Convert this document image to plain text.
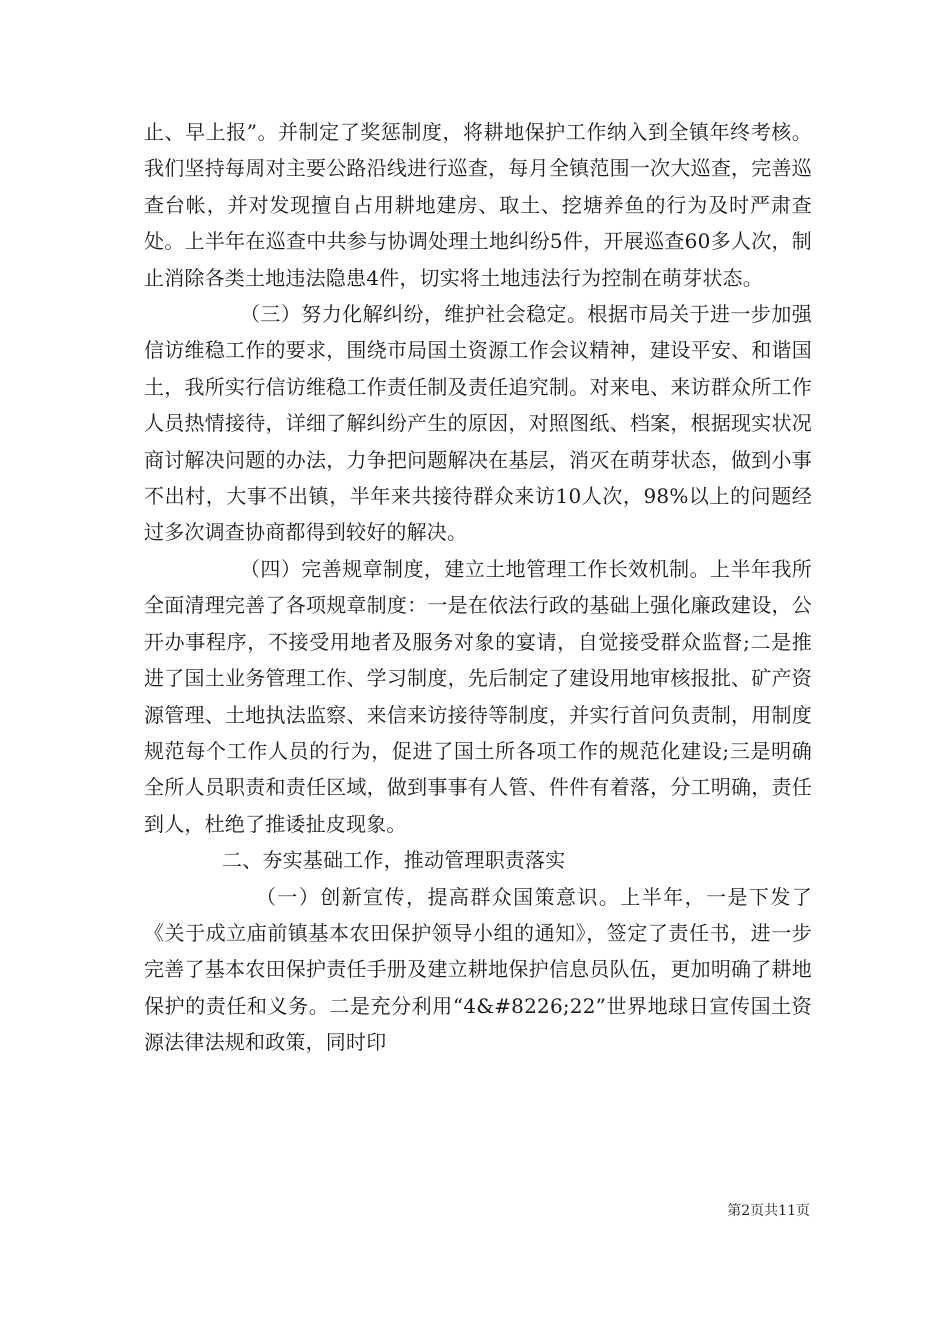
止、早上报”。并制定了奖惩制度，将耕地保护工作纳入到全镇年终考核。我们坚持每周对主要公路沿线进行巡查，每月全镇范围一次大巡查，完善巡查台帐，并对发现擅自占用耕地建房、取土、挖塘养鱼的行为及时严肃查处。上半年在巡查中共参与协调处理土地纠纷5件，开展巡查60多人次，制止消除各类土地违法隐患4件，切实将土地违法行为控制在萌芽状态。

（三）努力化解纠纷，维护社会稳定。根据市局关于进一步加强信访维稳工作的要求，围绕市局国土资源工作会议精神，建设平安、和谐国土，我所实行信访维稳工作责任制及责任追究制。对来电、来访群众所工作人员热情接待，详细了解纠纷产生的原因，对照图纸、档案，根据现实状况商讨解决问题的办法，力争把问题解决在基层，消灭在萌芽状态，做到小事不出村，大事不出镇，半年来共接待群众来访10人次，98%以上的问题经过多次调查协商都得到较好的解决。

（四）完善规章制度，建立土地管理工作长效机制。上半年我所全面清理完善了各项规章制度：一是在依法行政的基础上强化廉政建设，公开办事程序，不接受用地者及服务对象的宴请，自觉接受群众监督;二是推进了国土业务管理工作、学习制度，先后制定了建设用地审核报批、矿产资源管理、土地执法监察、来信来访接待等制度，并实行首问负责制，用制度规范每个工作人员的行为，促进了国土所各项工作的规范化建设;三是明确全所人员职责和责任区域，做到事事有人管、件件有着落，分工明确，责任到人，杜绝了推诿扯皮现象。

二、夯实基础工作，推动管理职责落实

（一）创新宣传，提高群众国策意识。上半年，一是下发了《关于成立庙前镇基本农田保护领导小组的通知》，签定了责任书，进一步完善了基本农田保护责任手册及建立耕地保护信息员队伍，更加明确了耕地保护的责任和义务。二是充分利用“4&#8226;22”世界地球日宣传国土资源法律法规和政策，同时印

第2页共11页
